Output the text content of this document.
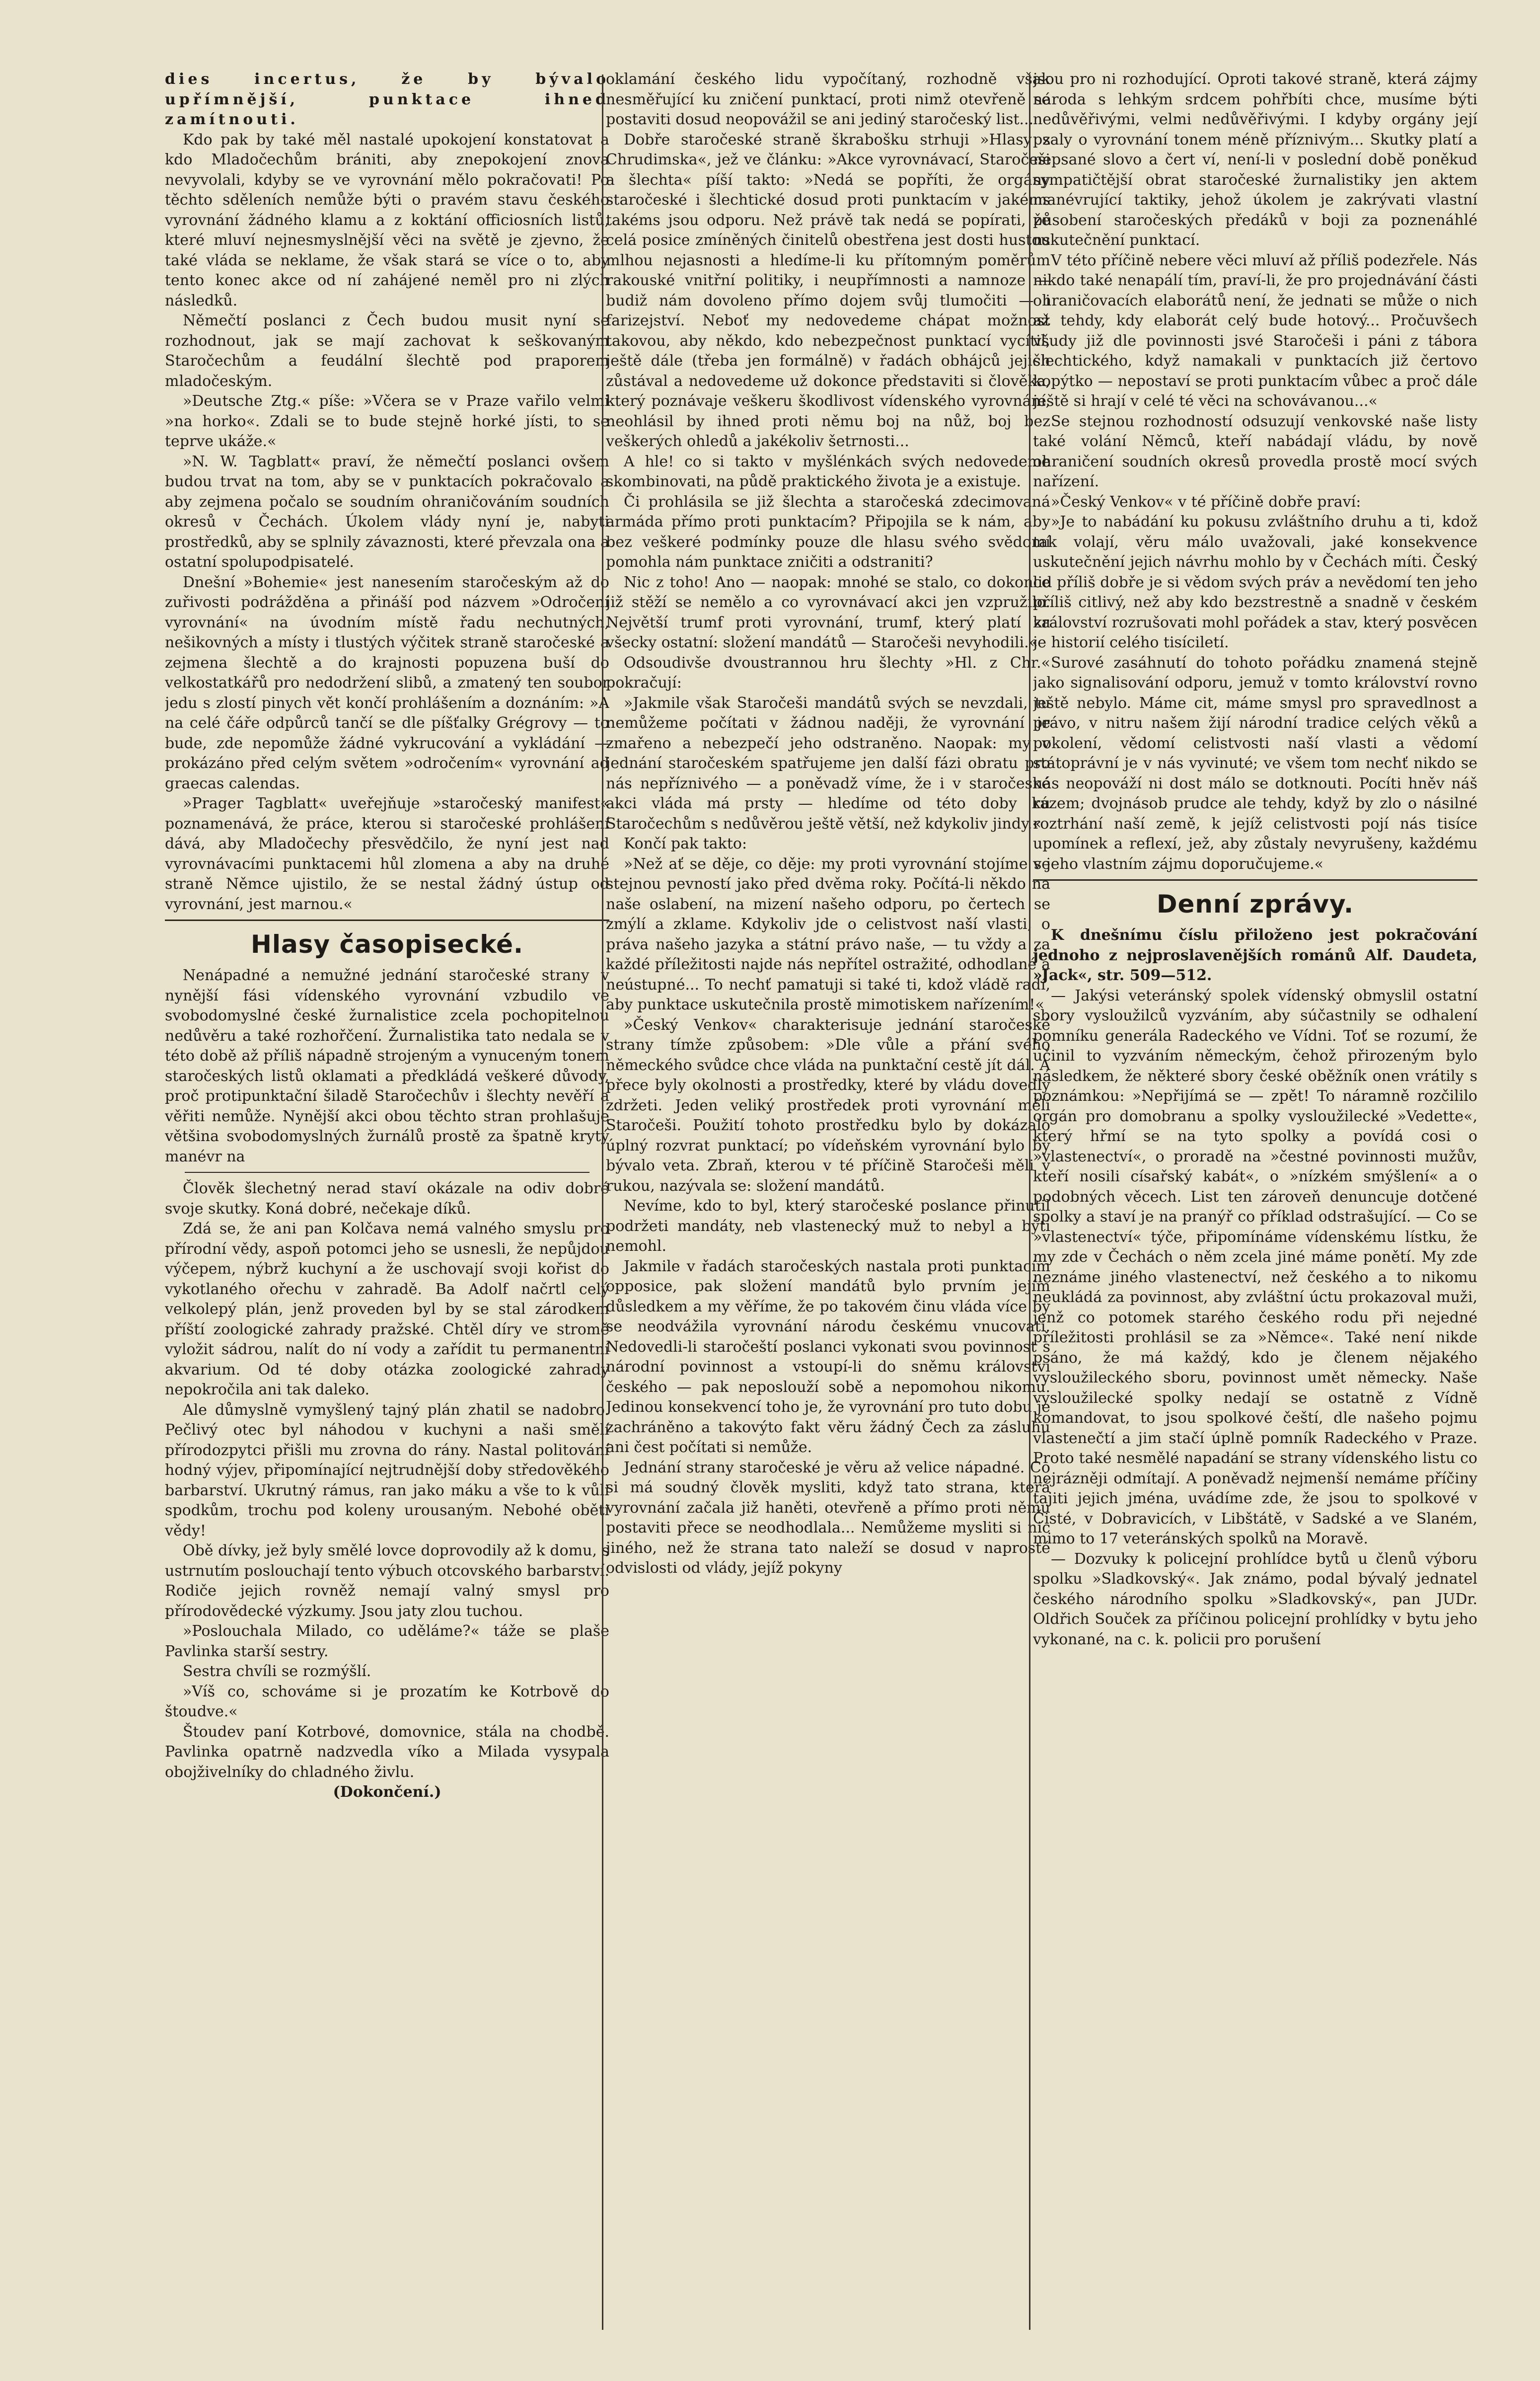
dies incertus, že by bývalo upřímnější, punktace ihned zamítnouti.

Kdo pak by také měl nastalé upokojení konstatovat a kdo Mladočechům brániti, aby znepokojení znova nevyvolali, kdyby se ve vyrovnání mělo pokračovati! Po těchto sděleních nemůže býti o pravém stavu českého vyrovnání žádného klamu a z koktání officiosních listů, které mluví nejnesmyslnější věci na světě je zjevno, že také vláda se neklame, že však stará se více o to, aby tento konec akce od ní zahájené neměl pro ni zlých následků.

Němečtí poslanci z Čech budou musit nyní se rozhodnout, jak se mají zachovat k seškovaným Staročechům a feudální šlechtě pod praporem mladočeským.

»Deutsche Ztg.« píše: »Včera se v Praze vařilo velmi »na horko«. Zdali se to bude stejně horké jísti, to se teprve ukáže.«

»N. W. Tagblatt« praví, že němečtí poslanci ovšem budou trvat na tom, aby se v punktacích pokračovalo a aby zejmena počalo se soudním ohraničováním soudních okresů v Čechách. Úkolem vlády nyní je, nabyti prostředků, aby se splnily závaznosti, které převzala ona a ostatní spolupodpisatelé.

Dnešní »Bohemie« jest nanesením staročeským až do zuřivosti podrážděna a přináší pod názvem »Odročení vyrovnání« na úvodním místě řadu nechutných, nešikovných a místy i tlustých výčitek straně staročeské a zejmena šlechtě a do krajnosti popuzena buší do velkostatkářů pro nedodržení slibů, a zmatený ten soubor jedu s zlostí pinych vět končí prohlášením a doznáním: »A na celé čáře odpůrců tančí se dle píšťalky Grégrovy — to bude, zde nepomůže žádné vykrucování a vykládání — prokázáno před celým světem »odročením« vyrovnání ad graecas calendas.

»Prager Tagblatt« uveřejňuje »staročeský manifest« poznamenává, že práce, kterou si staročeské prohlášení dává, aby Mladočechy přesvědčilo, že nyní jest nad vyrovnávacími punktacemi hůl zlomena a aby na druhé straně Němce ujistilo, že se nestal žádný ústup od vyrovnání, jest marnou.«

Hlasy časopisecké.

Nenápadné a nemužné jednání staročeské strany v nynější fási vídenského vyrovnání vzbudilo ve svobodomyslné české žurnalistice zcela pochopitelnou nedůvěru a také rozhořčení. Žurnalistika tato nedala se v této době až příliš nápadně strojeným a vynuceným tonem staročeských listů oklamati a předkládá veškeré důvody, proč protipunktační šiladě Staročechův i šlechty nevěří a věřiti nemůže. Nynější akci obou těchto stran prohlašuje většina svobodomyslných žurnálů prostě za špatně krytý manévr na

Člověk šlechetný nerad staví okázale na odiv dobré svoje skutky. Koná dobré, nečekaje díků.

Zdá se, že ani pan Kolčava nemá valného smyslu pro přírodní vědy, aspoň potomci jeho se usnesli, že nepůjdou výčepem, nýbrž kuchyní a že uschovají svoji kořist do vykotlaného ořechu v zahradě. Ba Adolf načrtl celý velkolepý plán, jenž proveden byl by se stal zárodkem příští zoologické zahrady pražské. Chtěl dírу ve stromě vyložit sádrou, nalít do ní vody a zařídit tu permanentní akvarium. Od té doby otázka zoologické zahrady nepokročila ani tak daleko.

Ale důmyslně vymyšlený tajný plán zhatil se nadobro. Pečlivý otec byl náhodou v kuchyni a naši smělí přírodozpytci přišli mu zrovna do rány. Nastal politování hodný výjev, připomínající nejtrudnější doby středověkého barbarství. Ukrutný rámus, ran jako máku a vše to k vůli spodkům, trochu pod koleny urousaným. Nebohé oběti vědy!

Obě dívky, jež byly smělé lovce doprovodily až k domu, s ustrnutím poslouchají tento výbuch otcovského barbarství. Rodiče jejich rovněž nemají valný smysl pro přírodovědecké výzkumy. Jsou jaty zlou tuchou.

»Poslouchala Milado, co uděláme?« táže se plaše Pavlinka starší sestry.

Sestra chvíli se rozmýšlí.

»Víš co, schováme si je prozatím ke Kotrbově do štoudve.«

Štoudev paní Kotrbové, domovnice, stála na chodbě. Pavlinka opatrně nadzvedla víko a Milada vysypala obojživelníky do chladného živlu.

(Dokončení.)

oklamání českého lidu vypočítaný, rozhodně však nesměřující ku zničení punktací, proti nimž otevřeně se postaviti dosud neopovážil se ani jediný staročeský list...

Dobře staročeské straně škrabošku strhuji »Hlasy z Chrudimska«, jež ve článku: »Akce vyrovnávací, Staročeši a šlechta« píší takto: »Nedá se popříti, že orgány staročeské i šlechtické dosud proti punktacím v jakéms takéms jsou odporu. Než právě tak nedá se popírati, že celá posice zmíněných činitelů obestřena jest dosti hustou mlhou nejasnosti a hledíme-li ku přítomným poměrům rakouské vnitřní politiky, i neupřímnosti a namnoze — budiž nám dovoleno přímo dojem svůj tlumočiti — i farizejství. Neboť my nedovedeme chápat možnost takovou, aby někdo, kdo nebezpečnost punktací vycítil, ještě dále (třeba jen formálně) v řadách obhájců jejich zůstával a nedovedeme už dokonce představiti si člověka, který poznávaje veškeru škodlivost vídenského vyrovnání, neohlásil by ihned proti němu boj na nůž, boj bez veškerých ohledů a jakékoliv šetrnosti...

A hle! co si takto v myšlénkách svých nedovedeme skombinovati, na půdě praktického života je a existuje.

Či prohlásila se již šlechta a staročeská zdecimovaná armáda přímo proti punktacím? Připojila se k nám, aby bez veškeré podmínky pouze dle hlasu svého svědomí pomohla nám punktace zničiti a odstraniti?

Nic z toho! Ano — naopak: mnohé se stalo, co dokonce již stěží se nemělo a co vyrovnávací akci jen vzpružilo. Největší trumf proti vyrovnání, trumf, který platí za všecky ostatní: složení mandátů — Staročeši nevyhodili.«

Odsoudivše dvoustrannou hru šlechty »Hl. z Chr.« pokračují:

»Jakmile však Staročeši mandátů svých se nevzdali, tu nemůžeme počítati v žádnou naději, že vyrovnání je zmařeno a nebezpečí jeho odstraněno. Naopak: my v jednání staročeském spatřujeme jen další fázi obratu pro nás nepříznivého — a poněvadž víme, že i v staročeské akci vláda má prsty — hledíme od této doby ku Staročechům s nedůvěrou ještě větší, než kdykoliv jindy.«

Končí pak takto:

»Než ať se děje, co děje: my proti vyrovnání stojíme se stejnou pevností jako před dvěma roky. Počítá-li někdo na naše oslabení, na mizení našeho odporu, po čertech se zmýlí a zklame. Kdykoliv jde o celistvost naší vlasti, o práva našeho jazyka a státní právo naše, — tu vždy a za každé příležitosti najde nás nepřítel ostražité, odhodlané a neústupné... To nechť pamatuji si také ti, kdož vládě radí, aby punktace uskutečnila prostě mimotiskem nařízením!«

»Český Venkov« charakterisuje jednání staročeské strany tímže způsobem: »Dle vůle a přání svého německého svůdce chce vláda na punktační cestě jít dál. A přece byly okolnosti a prostředky, které by vládu dovedly zdržeti. Jeden veliký prostředek proti vyrovnání měli Staročeši. Použití tohoto prostředku bylo by dokázalo úplný rozvrat punktací; po vídeňském vyrovnání bylo by bývalo veta. Zbraň, kterou v té příčině Staročeši měli v rukou, nazývala se: složení mandátů.

Nevíme, kdo to byl, který staročeské poslance přinutil podržeti mandáty, neb vlastenecký muž to nebyl a býti nemohl.

Jakmile v řadách staročeských nastala proti punktacím opposice, pak složení mandátů bylo prvním jejím důsledkem a my věříme, že po takovém činu vláda více by se neodvážila vyrovnání národu českému vnucovati. Nedovedli-li staročeští poslanci vykonati svou povinnost s národní povinnost a vstoupí-li do sněmu království českého — pak neposlouží sobě a nepomohou nikomu. Jedinou konsekvencí toho je, že vyrovnání pro tuto dobu je zachráněno a takovýto fakt věru žádný Čech za zásluhu ani čest počítati si nemůže.

Jednání strany staročeské je věru až velice nápadné. Co si má soudný člověk mysliti, když tato strana, která vyrovnání začala již haněti, otevřeně a přímo proti němu postaviti přece se neodhodlala... Nemůžeme mysliti si nic jiného, než že strana tato naleží se dosud v naprosté odvislosti od vlády, jejíž pokyny

jsou pro ni rozhodující. Oproti takové straně, která zájmy národa s lehkým srdcem pohřbíti chce, musíme býti nedůvěřivými, velmi nedůvěřivými. I kdyby orgány její psaly o vyrovnání tonem méně příznivým... Skutky platí a nepsané slovo a čert ví, není-li v poslední době poněkud sympatičtější obrat staročeské žurnalistiky jen aktem manévrující taktiky, jehož úkolem je zakrývati vlastní působení staročeských předáků v boji za poznenáhlé nskutečnění punktací.

V této příčině nebere věci mluví až příliš podezřele. Nás nikdo také nenapálí tím, praví-li, že pro projednávání části ohraničovacích elaborátů není, že jednati se může o nich až tehdy, kdy elaborát celý bude hotový... Pročuvšech všudy již dle povinnosti jsvé Staročeši i páni z tábora šlechtického, když namakali v punktacích již čertovo kopýtko — nepostaví se proti punktacím vůbec a proč dále ještě si hrají v celé té věci na schovávanou...«

Se stejnou rozhodností odsuzují venkovské naše listy také volání Němců, kteří nabádají vládu, by nově ohraničení soudních okresů provedla prostě mocí svých nařízení.

»Český Venkov« v té příčině dobře praví:

»Je to nabádání ku pokusu zvláštního druhu a ti, kdož tak volají, věru málo uvažovali, jaké konsekvence uskutečnění jejich návrhu mohlo by v Čechách míti. Český lid příliš dobře je si vědom svých práv a nevědomí ten jeho příliš citlivý, než aby kdo bezstrestně a snadně v českém království rozrušovati mohl pořádek a stav, který posvěcen je historií celého tisíciletí.

Surové zasáhnutí do tohoto pořádku znamená stejně jako signalisování odporu, jemuž v tomto království rovno ještě nebylo. Máme cit, máme smysl pro spravedlnost a právo, v nitru našem žijí národní tradice celých věků a pokolení, vědomí celistvosti naší vlasti a vědomí státoprávní je v nás vyvinuté; ve všem tom nechť nikdo se nás neopováží ni dost málo se dotknouti. Pocíti hněv náš rázem; dvojnásob prudce ale tehdy, když by zlo o násilné roztrhání naší země, k jejíž celistvosti pojí nás tisíce upomínek a reflexí, jež, aby zůstaly nevyrušeny, každému v jeho vlastním zájmu doporučujeme.«

Denní zprávy.

K dnešnímu číslu přiloženo jest pokračování jednoho z nejproslavenějších románů Alf. Daudeta, »Jack«, str. 509—512.

— Jakýsi veteránský spolek vídenský obmyslil ostatní sbory vysloužilců vyzváním, aby súčastnily se odhalení pomníku generála Radeckého ve Vídni. Toť se rozumí, že učinil to vyzváním německým, čehož přirozeným bylo následkem, že některé sbory české oběžník onen vrátily s poznámkou: »Nepřijímá se — zpět! To náramně rozčililo orgán pro domobranu a spolky vysloužilecké »Vedette«, který hřmí se na tyto spolky a povídá cosi o »vlastenectví«, o proradě na »čestné povinnosti mužův, kteří nosili císařský kabát«, o »nízkém smýšlení« a o podobných věcech. List ten zároveň denuncuje dotčené spolky a staví je na pranýř co příklad odstrašující. — Co se »vlastenectví« týče, připomínáme vídenskému lístku, že my zde v Čechách o něm zcela jiné máme ponětí. My zde neznáme jiného vlastenectví, než českého a to nikomu neukládá za povinnost, aby zvláštní úctu prokazoval muži, jenž co potomek starého českého rodu při nejedné příležitosti prohlásil se za »Němce«. Také není nikde psáno, že má každý, kdo je členem nějakého vysloužileckého sboru, povinnost umět německy. Naše vysloužilecké spolky nedají se ostatně z Vídně komandovat, to jsou spolkové čeští, dle našeho pojmu vlastenečtí a jim stačí úplně pomník Radeckého v Praze. Proto také nesmělé napadání se strany vídenského listu co nejrázněji odmítají. A poněvadž nejmenší nemáme příčiny tajiti jejich jména, uvádíme zde, že jsou to spolkové v Čisté, v Dobravicích, v Libštátě, v Sadské a ve Slaném, mimo to 17 veteránských spolků na Moravě.

— Dozvuky k policejní prohlídce bytů u členů výboru spolku »Sladkovský«. Jak známo, podal bývalý jednatel českého národního spolku »Sladkovský«, pan JUDr. Oldřich Souček za příčinou policejní prohlídky v bytu jeho vykonané, na c. k. policii pro porušení
